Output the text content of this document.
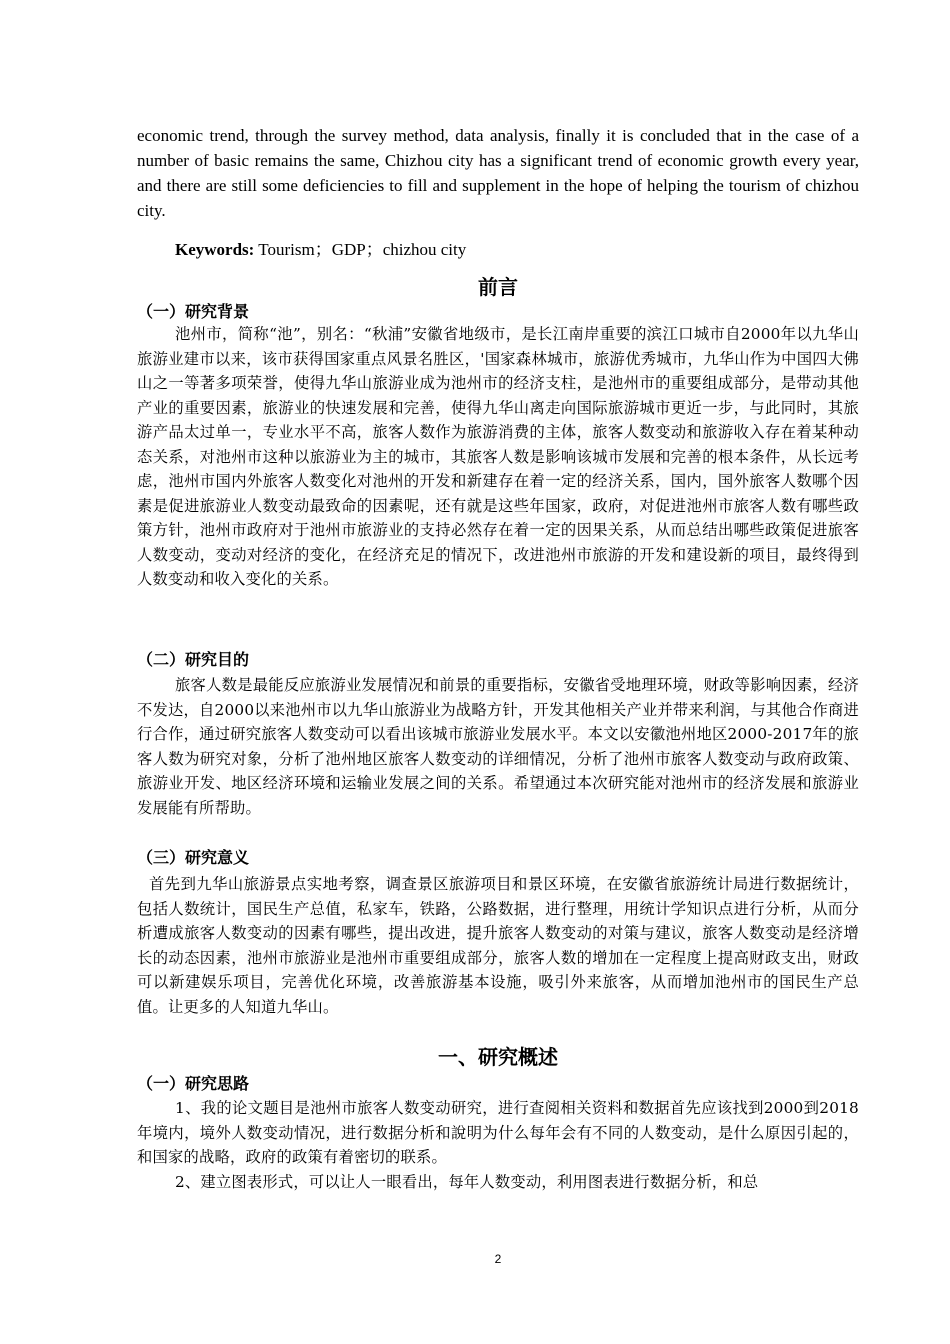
economic trend, through the survey method, data analysis, finally it is concluded that in the case of a number of basic remains the same, Chizhou city has a significant trend of economic growth every year, and there are still some deficiencies to fill and supplement in the hope of helping the tourism of chizhou city.

Keywords: Tourism；GDP；chizhou city

前言
（一）研究背景

池州市，简称“池”，别名：“秋浦”安徽省地级市，是长江南岸重要的滨江口城市自2000年以九华山旅游业建市以来，该市获得国家重点风景名胜区，'国家森林城市，旅游优秀城市，九华山作为中国四大佛山之一等著多项荣誉，使得九华山旅游业成为池州市的经济支柱，是池州市的重要组成部分，是带动其他产业的重要因素，旅游业的快速发展和完善，使得九华山离走向国际旅游城市更近一步，与此同时，其旅游产品太过单一，专业水平不高，旅客人数作为旅游消费的主体，旅客人数变动和旅游收入存在着某种动态关系，对池州市这种以旅游业为主的城市，其旅客人数是影响该城市发展和完善的根本条件，从长远考虑，池州市国内外旅客人数变化对池州的开发和新建存在着一定的经济关系，国内，国外旅客人数哪个因素是促进旅游业人数变动最致命的因素呢，还有就是这些年国家，政府，对促进池州市旅客人数有哪些政策方针，池州市政府对于池州市旅游业的支持必然存在着一定的因果关系，从而总结出哪些政策促进旅客人数变动，变动对经济的变化，在经济充足的情况下，改进池州市旅游的开发和建设新的项目，最终得到人数变动和收入变化的关系。

（二）研究目的

旅客人数是最能反应旅游业发展情况和前景的重要指标，安徽省受地理环境，财政等影响因素，经济不发达，自2000以来池州市以九华山旅游业为战略方针，开发其他相关产业并带来利润，与其他合作商进行合作，通过研究旅客人数变动可以看出该城市旅游业发展水平。本文以安徽池州地区2000-2017年的旅客人数为研究对象，分析了池州地区旅客人数变动的详细情况，分析了池州市旅客人数变动与政府政策、旅游业开发、地区经济环境和运输业发展之间的关系。希望通过本次研究能对池州市的经济发展和旅游业发展能有所帮助。

（三）研究意义

首先到九华山旅游景点实地考察，调查景区旅游项目和景区环境，在安徽省旅游统计局进行数据统计，包括人数统计，国民生产总值，私家车，铁路，公路数据，进行整理，用统计学知识点进行分析，从而分析遭成旅客人数变动的因素有哪些，提出改进，提升旅客人数变动的对策与建议，旅客人数变动是经济增长的动态因素，池州市旅游业是池州市重要组成部分，旅客人数的增加在一定程度上提高财政支出，财政可以新建娱乐项目，完善优化环境，改善旅游基本设施，吸引外来旅客，从而增加池州市的国民生产总值。让更多的人知道九华山。

一、研究概述
（一）研究思路

1、我的论文题目是池州市旅客人数变动研究，进行查阅相关资料和数据首先应该找到2000到2018年境内，境外人数变动情况，进行数据分析和說明为什么每年会有不同的人数变动，是什么原因引起的，和国家的战略，政府的政策有着密切的联系。

2、建立图表形式，可以让人一眼看出，每年人数变动，利用图表进行数据分析，和总

2
